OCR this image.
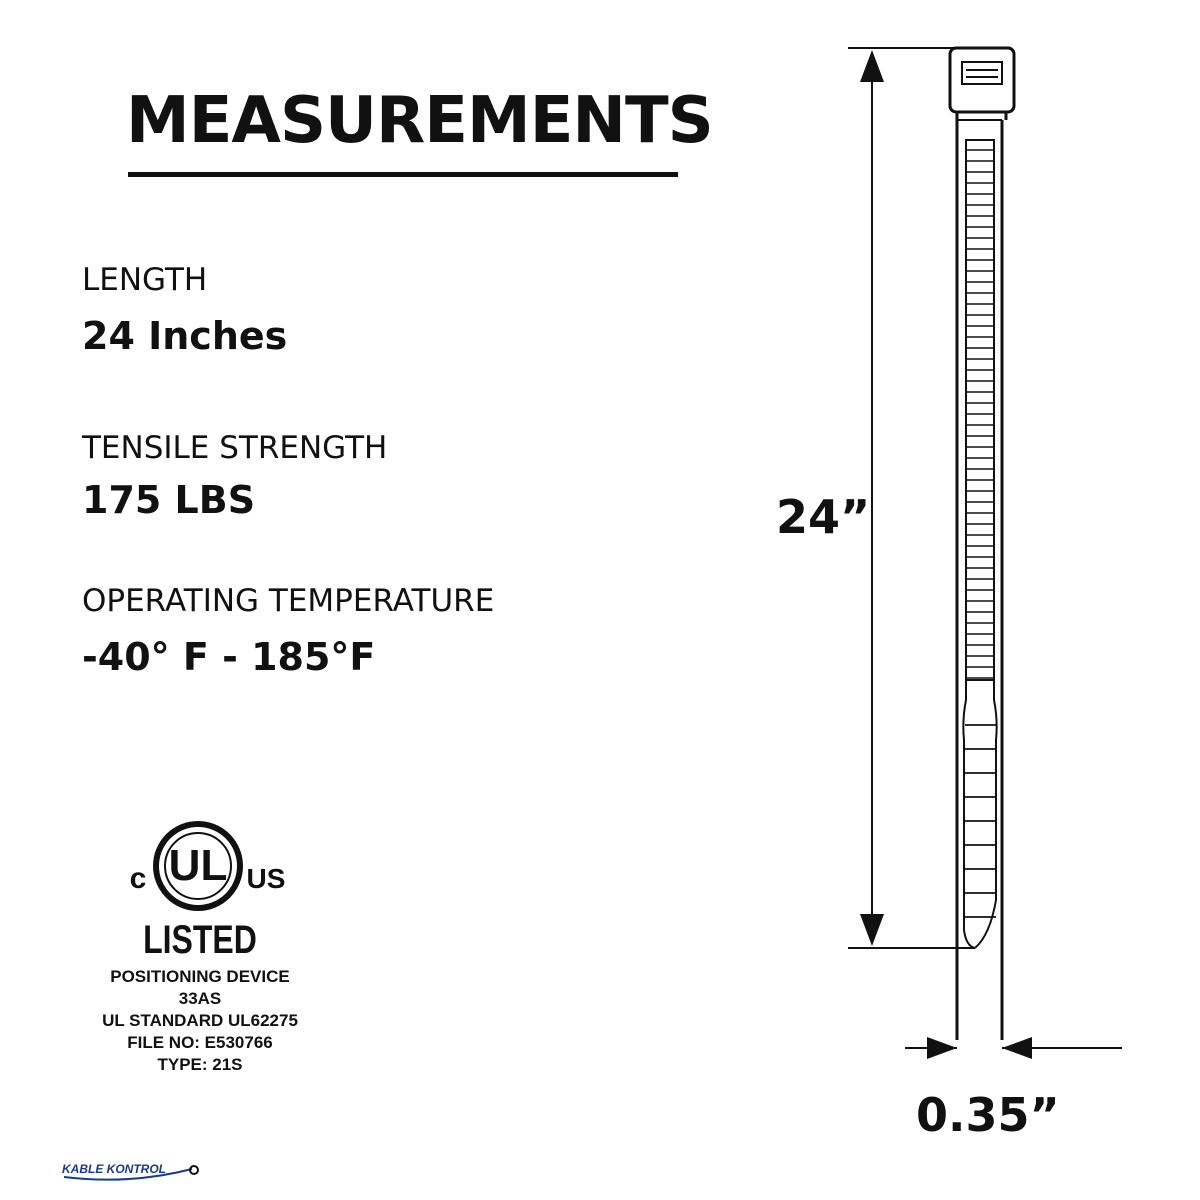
MEASUREMENTS
LENGTH
24 Inches
TENSILE STRENGTH
175 LBS
OPERATING TEMPERATURE
-40° F - 185°F
UL
c	US
LISTED
POSITIONING DEVICE
33AS
UL STANDARD UL62275
FILE NO: E530766
TYPE: 21S
KABLE KONTROL
24”
0.35”
